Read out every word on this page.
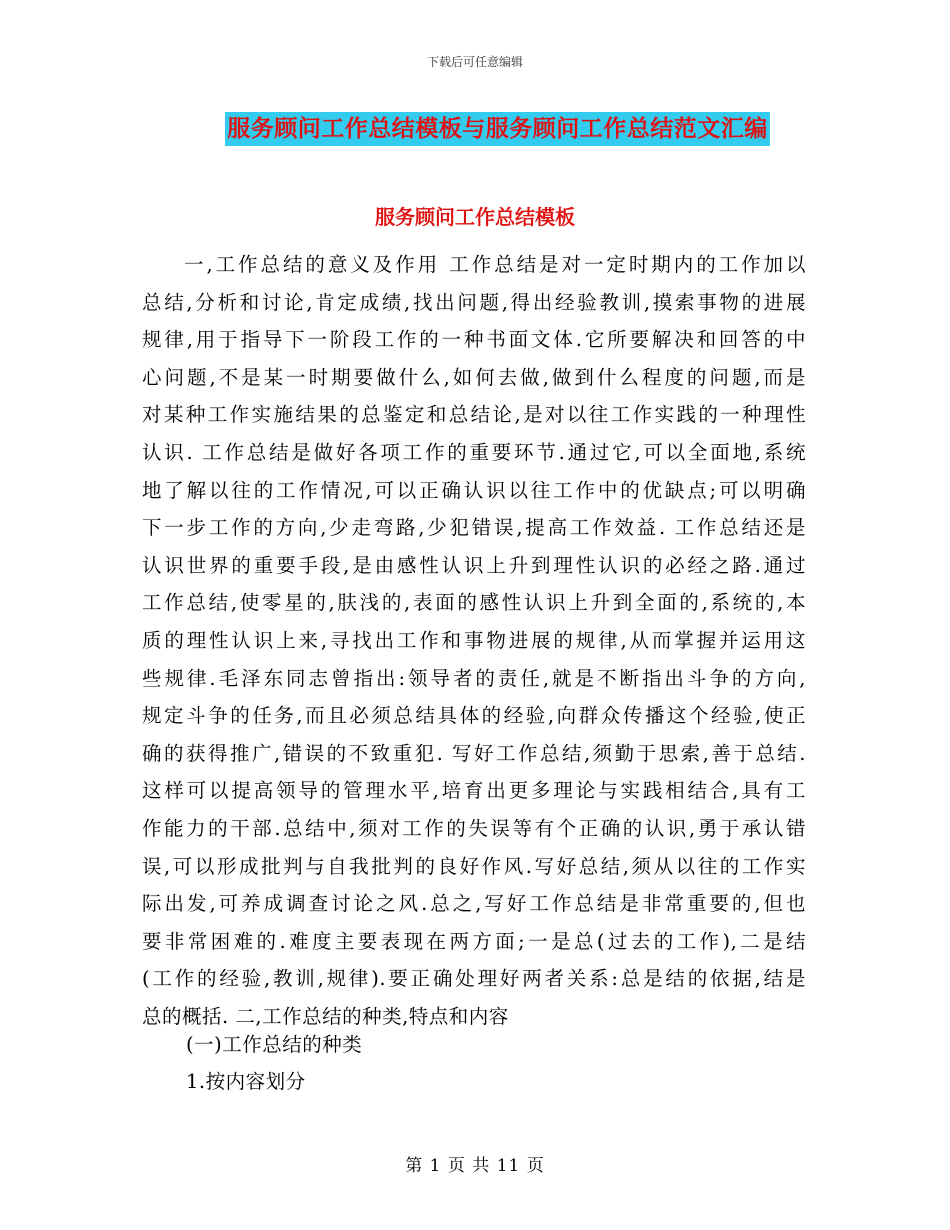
下载后可任意编辑
服务顾问工作总结模板与服务顾问工作总结范文汇编
服务顾问工作总结模板
一,工作总结的意义及作用 工作总结是对一定时期内的工作加以
总结,分析和讨论,肯定成绩,找出问题,得出经验教训,摸索事物的进展
规律,用于指导下一阶段工作的一种书面文体.它所要解决和回答的中
心问题,不是某一时期要做什么,如何去做,做到什么程度的问题,而是
对某种工作实施结果的总鉴定和总结论,是对以往工作实践的一种理性
认识. 工作总结是做好各项工作的重要环节.通过它,可以全面地,系统
地了解以往的工作情况,可以正确认识以往工作中的优缺点;可以明确
下一步工作的方向,少走弯路,少犯错误,提高工作效益. 工作总结还是
认识世界的重要手段,是由感性认识上升到理性认识的必经之路.通过
工作总结,使零星的,肤浅的,表面的感性认识上升到全面的,系统的,本
质的理性认识上来,寻找出工作和事物进展的规律,从而掌握并运用这
些规律.毛泽东同志曾指出:领导者的责任,就是不断指出斗争的方向,
规定斗争的任务,而且必须总结具体的经验,向群众传播这个经验,使正
确的获得推广,错误的不致重犯. 写好工作总结,须勤于思索,善于总结.
这样可以提高领导的管理水平,培育出更多理论与实践相结合,具有工
作能力的干部.总结中,须对工作的失误等有个正确的认识,勇于承认错
误,可以形成批判与自我批判的良好作风.写好总结,须从以往的工作实
际出发,可养成调查讨论之风.总之,写好工作总结是非常重要的,但也
要非常困难的.难度主要表现在两方面;一是总(过去的工作),二是结
(工作的经验,教训,规律).要正确处理好两者关系:总是结的依据,结是
总的概括. 二,工作总结的种类,特点和内容
(一)工作总结的种类
1.按内容划分
第 1 页 共 11 页
